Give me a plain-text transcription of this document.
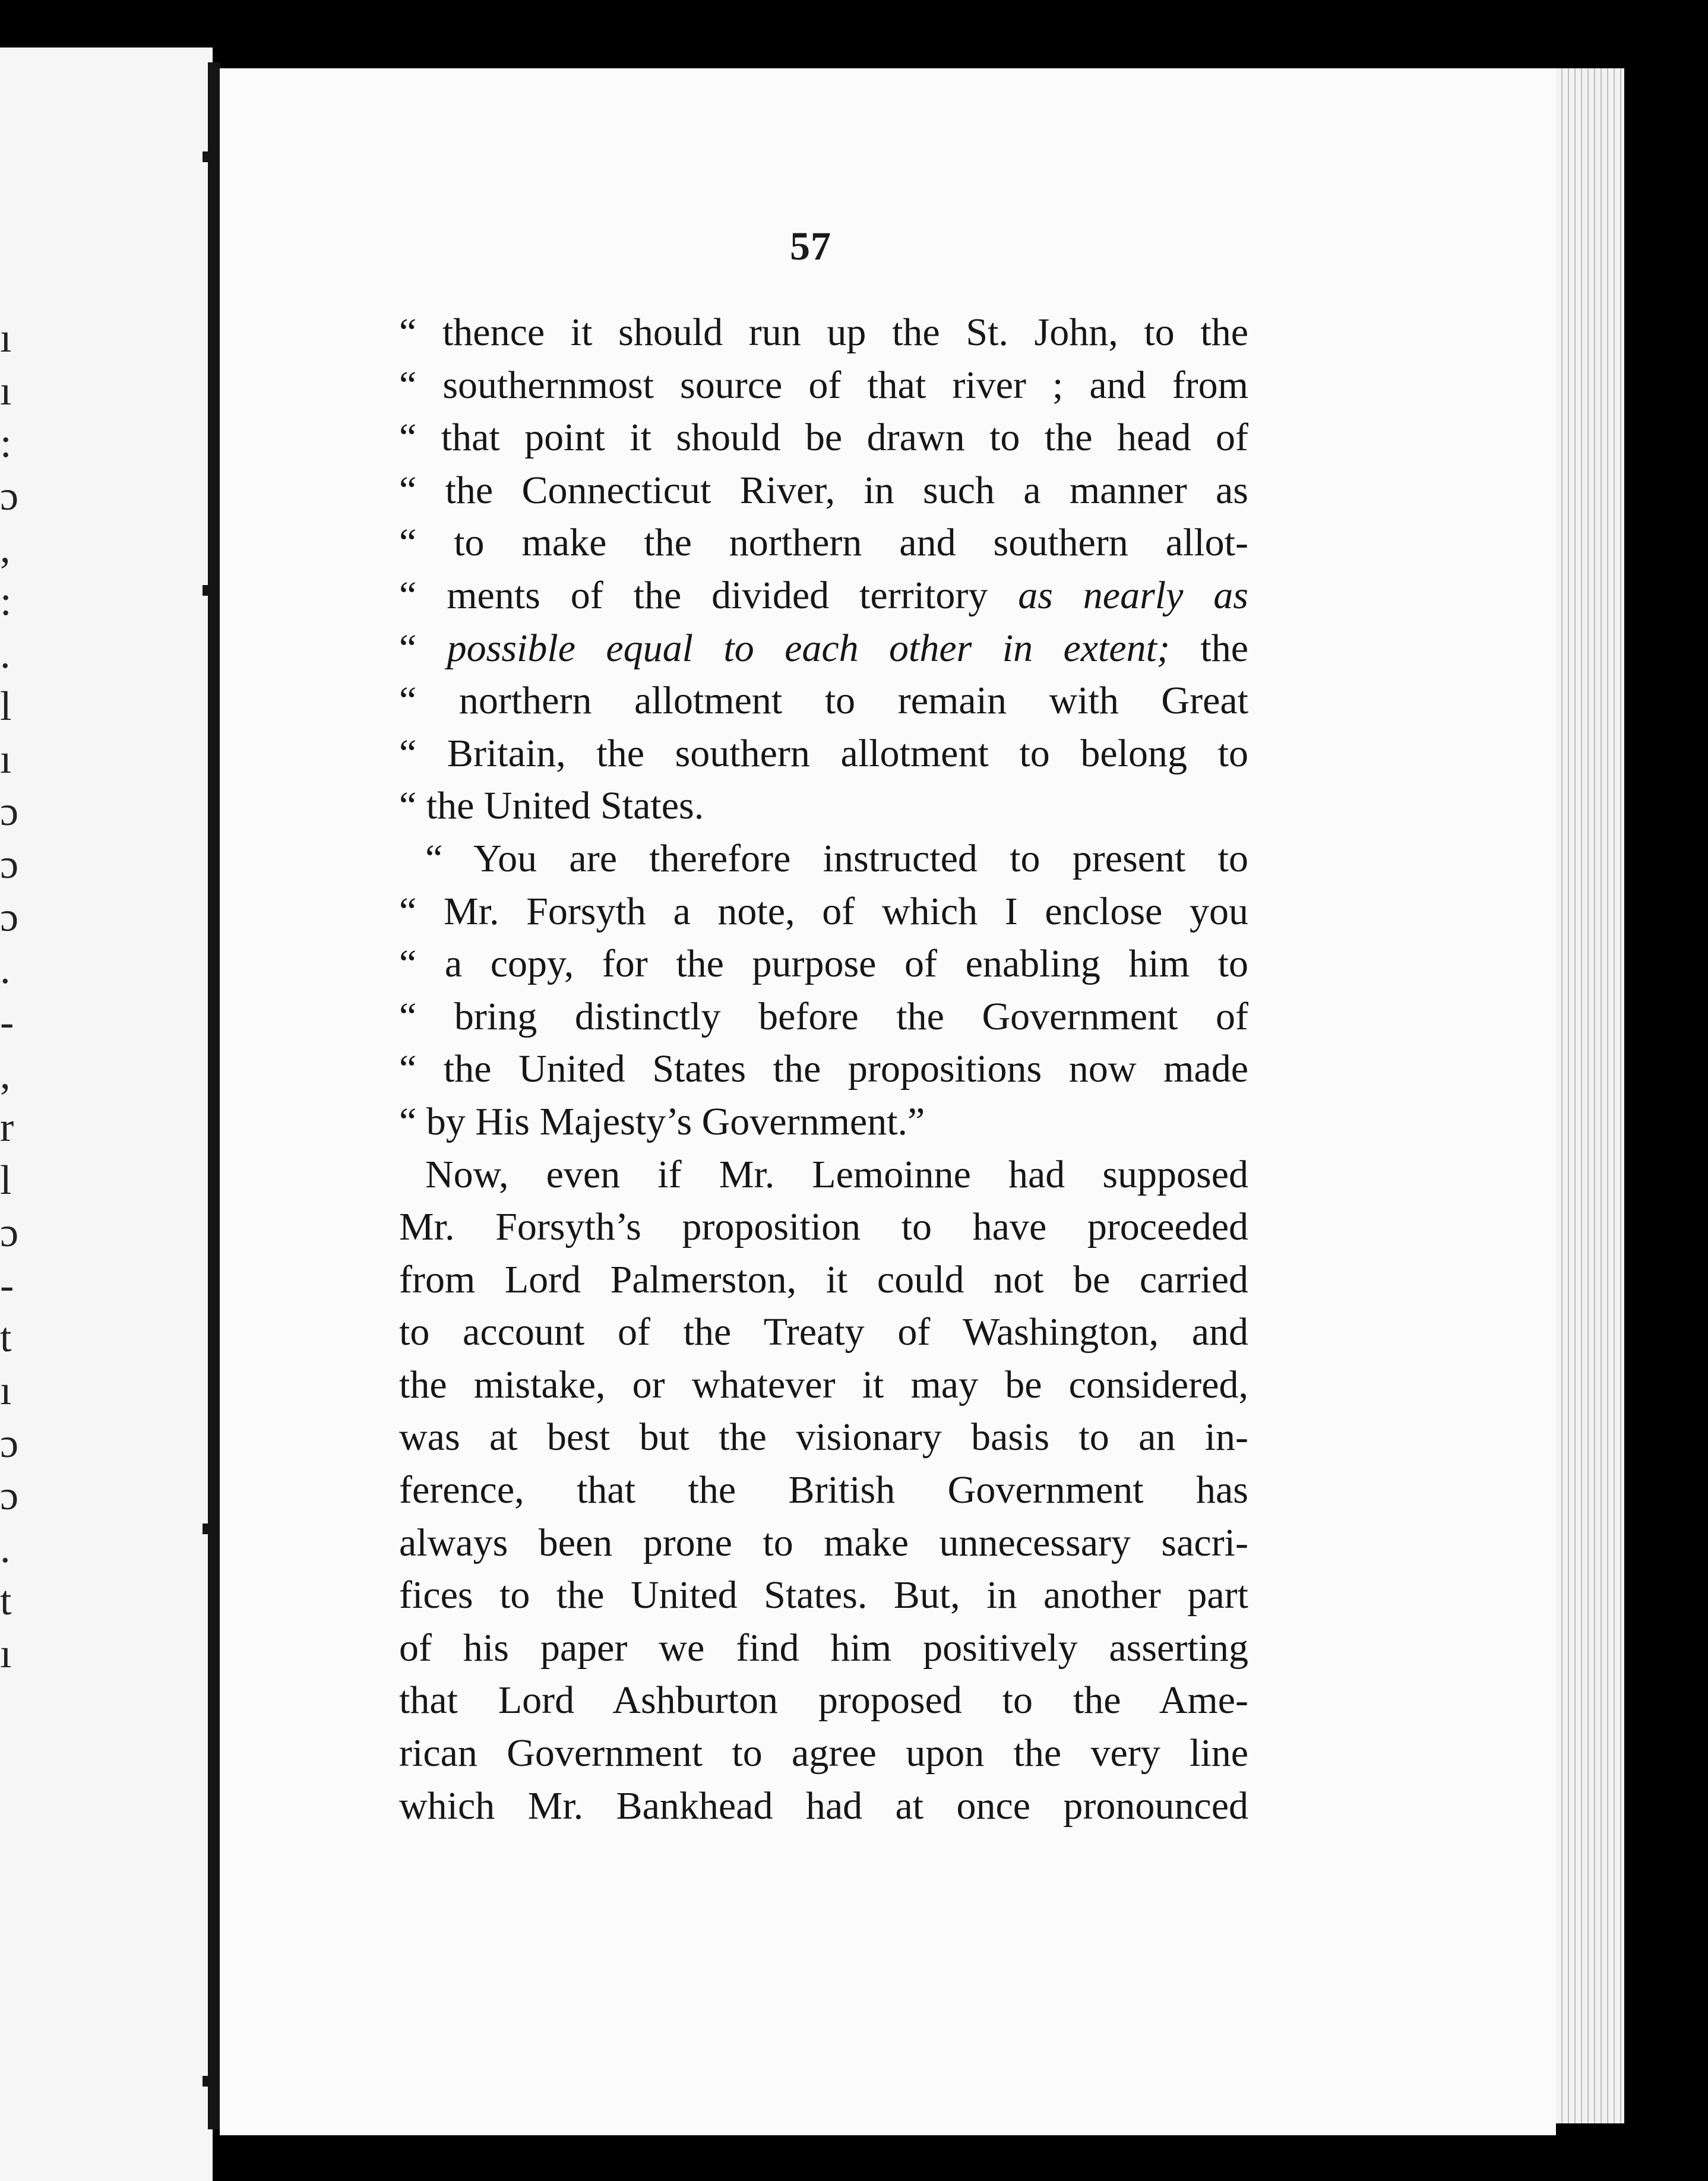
ı
ı
:
ɔ
,
:
.
l
ı
ɔ
ɔ
ɔ
.
-
,
r
l
ɔ
-
t
ı
ɔ
ɔ
.
t
ı
57
“ thence it should run up the St. John, to the
“ southernmost source of that river ; and from
“ that point it should be drawn to the head of
“ the Connecticut River, in such a manner as
“ to make the northern and southern allot-
“ ments of the divided territory as nearly as
“ possible equal to each other in extent; the
“ northern allotment to remain with Great
“ Britain, the southern allotment to belong to
“ the United States.
“ You are therefore instructed to present to
“ Mr. Forsyth a note, of which I enclose you
“ a copy, for the purpose of enabling him to
“ bring distinctly before the Government of
“ the United States the propositions now made
“ by His Majesty’s Government.”
Now, even if Mr. Lemoinne had supposed
Mr. Forsyth’s proposition to have proceeded
from Lord Palmerston, it could not be carried
to account of the Treaty of Washington, and
the mistake, or whatever it may be considered,
was at best but the visionary basis to an in-
ference, that the British Government has
always been prone to make unnecessary sacri-
fices to the United States. But, in another part
of his paper we find him positively asserting
that Lord Ashburton proposed to the Ame-
rican Government to agree upon the very line
which Mr. Bankhead had at once pronounced
